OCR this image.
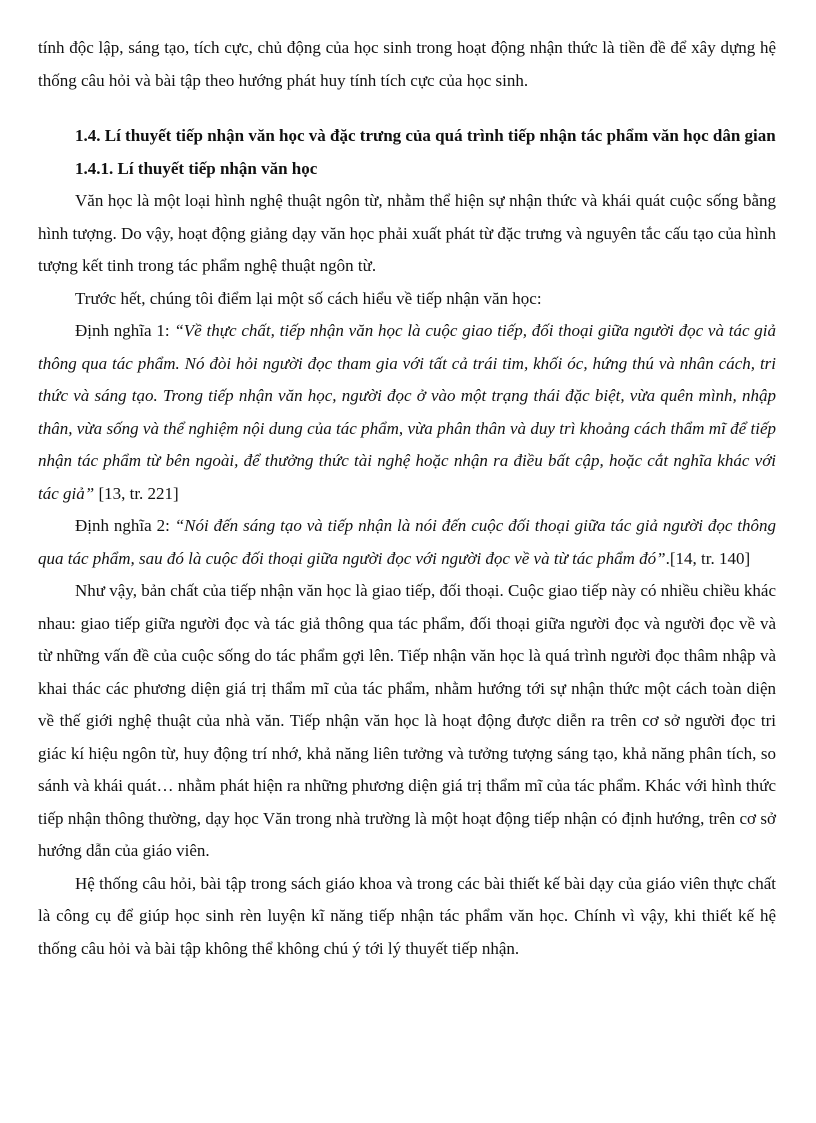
tính độc lập, sáng tạo, tích cực, chủ động của học sinh trong hoạt động nhận thức là tiền đề để xây dựng hệ thống câu hỏi và bài tập theo hướng phát huy tính tích cực của học sinh.

1.4. Lí thuyết tiếp nhận văn học và đặc trưng của quá trình tiếp nhận tác phẩm văn học dân gian
1.4.1. Lí thuyết tiếp nhận văn học

Văn học là một loại hình nghệ thuật ngôn từ, nhằm thể hiện sự nhận thức và khái quát cuộc sống bằng hình tượng. Do vậy, hoạt động giảng dạy văn học phải xuất phát từ đặc trưng và nguyên tắc cấu tạo của hình tượng kết tinh trong tác phẩm nghệ thuật ngôn từ.

Trước hết, chúng tôi điểm lại một số cách hiểu về tiếp nhận văn học:

Định nghĩa 1: “Về thực chất, tiếp nhận văn học là cuộc giao tiếp, đối thoại giữa người đọc và tác giả thông qua tác phẩm. Nó đòi hỏi người đọc tham gia với tất cả trái tim, khối óc, hứng thú và nhân cách, tri thức và sáng tạo. Trong tiếp nhận văn học, người đọc ở vào một trạng thái đặc biệt, vừa quên mình, nhập thân, vừa sống và thể nghiệm nội dung của tác phẩm, vừa phân thân và duy trì khoảng cách thẩm mĩ để tiếp nhận tác phẩm từ bên ngoài, để thưởng thức tài nghệ hoặc nhận ra điều bất cập, hoặc cắt nghĩa khác với tác giả” [13, tr. 221]

Định nghĩa 2: “Nói đến sáng tạo và tiếp nhận là nói đến cuộc đối thoại giữa tác giả người đọc thông qua tác phẩm, sau đó là cuộc đối thoại giữa người đọc với người đọc về và từ tác phẩm đó”.[14, tr. 140]

Như vậy, bản chất của tiếp nhận văn học là giao tiếp, đối thoại. Cuộc giao tiếp này có nhiều chiều khác nhau: giao tiếp giữa người đọc và tác giả thông qua tác phẩm, đối thoại giữa người đọc và người đọc về và từ những vấn đề của cuộc sống do tác phẩm gợi lên. Tiếp nhận văn học là quá trình người đọc thâm nhập và khai thác các phương diện giá trị thẩm mĩ của tác phẩm, nhằm hướng tới sự nhận thức một cách toàn diện về thế giới nghệ thuật của nhà văn. Tiếp nhận văn học là hoạt động được diễn ra trên cơ sở người đọc tri giác kí hiệu ngôn từ, huy động trí nhớ, khả năng liên tưởng và tưởng tượng sáng tạo, khả năng phân tích, so sánh và khái quát… nhằm phát hiện ra những phương diện giá trị thẩm mĩ của tác phẩm. Khác với hình thức tiếp nhận thông thường, dạy học Văn trong nhà trường là một hoạt động tiếp nhận có định hướng, trên cơ sở hướng dẫn của giáo viên.

Hệ thống câu hỏi, bài tập trong sách giáo khoa và trong các bài thiết kế bài dạy của giáo viên thực chất là công cụ để giúp học sinh rèn luyện kĩ năng tiếp nhận tác phẩm văn học. Chính vì vậy, khi thiết kế hệ thống câu hỏi và bài tập không thể không chú ý tới lý thuyết tiếp nhận.
